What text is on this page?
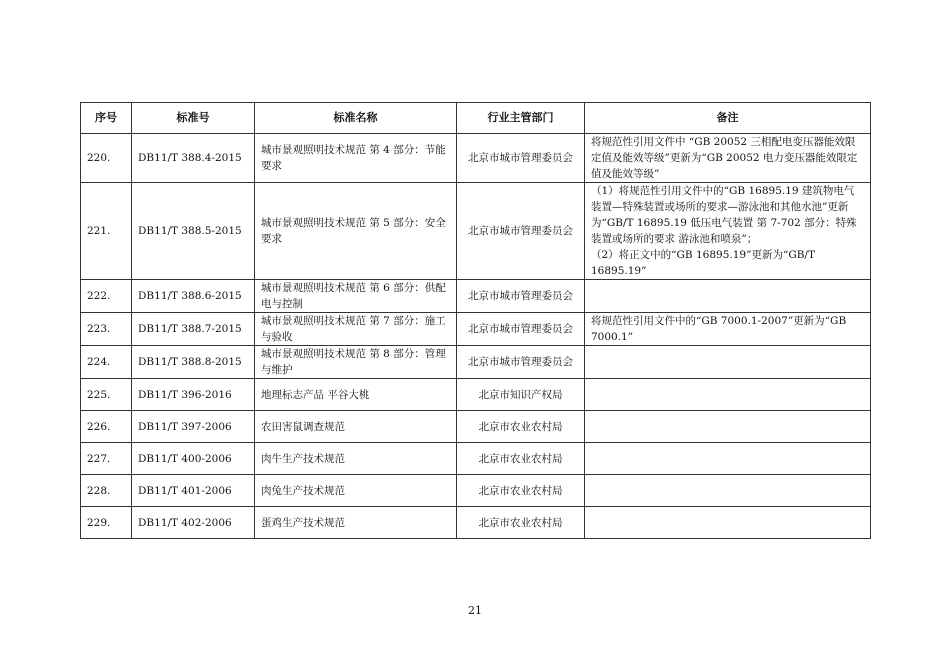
序号	标准号	标准名称	行业主管部门	备注
220.	DB11/T 388.4-2015	城市景观照明技术规范 第 4 部分：节能要求	北京市城市管理委员会	将规范性引用文件中 “GB 20052 三相配电变压器能效限定值及能效等级”更新为“GB 20052 电力变压器能效限定值及能效等级”

221.	DB11/T 388.5-2015	城市景观照明技术规范 第 5 部分：安全要求	北京市城市管理委员会	（1）将规范性引用文件中的“GB 16895.19 建筑物电气装置—特殊装置或场所的要求—游泳池和其他水池”更新为“GB/T 16895.19 低压电气装置 第 7-702 部分：特殊装置或场所的要求 游泳池和喷泉”；
（2）将正文中的“GB 16895.19”更新为“GB/T 16895.19”

222.	DB11/T 388.6-2015	城市景观照明技术规范 第 6 部分：供配电与控制	北京市城市管理委员会	
223.	DB11/T 388.7-2015	城市景观照明技术规范 第 7 部分：施工与验收	北京市城市管理委员会	将规范性引用文件中的“GB 7000.1-2007”更新为“GB 7000.1”

224.	DB11/T 388.8-2015	城市景观照明技术规范 第 8 部分：管理与维护	北京市城市管理委员会	
225.	DB11/T 396-2016	地理标志产品 平谷大桃	北京市知识产权局	
226.	DB11/T 397-2006	农田害鼠调查规范	北京市农业农村局	
227.	DB11/T 400-2006	肉牛生产技术规范	北京市农业农村局	
228.	DB11/T 401-2006	肉兔生产技术规范	北京市农业农村局	
229.	DB11/T 402-2006	蛋鸡生产技术规范	北京市农业农村局	
21
